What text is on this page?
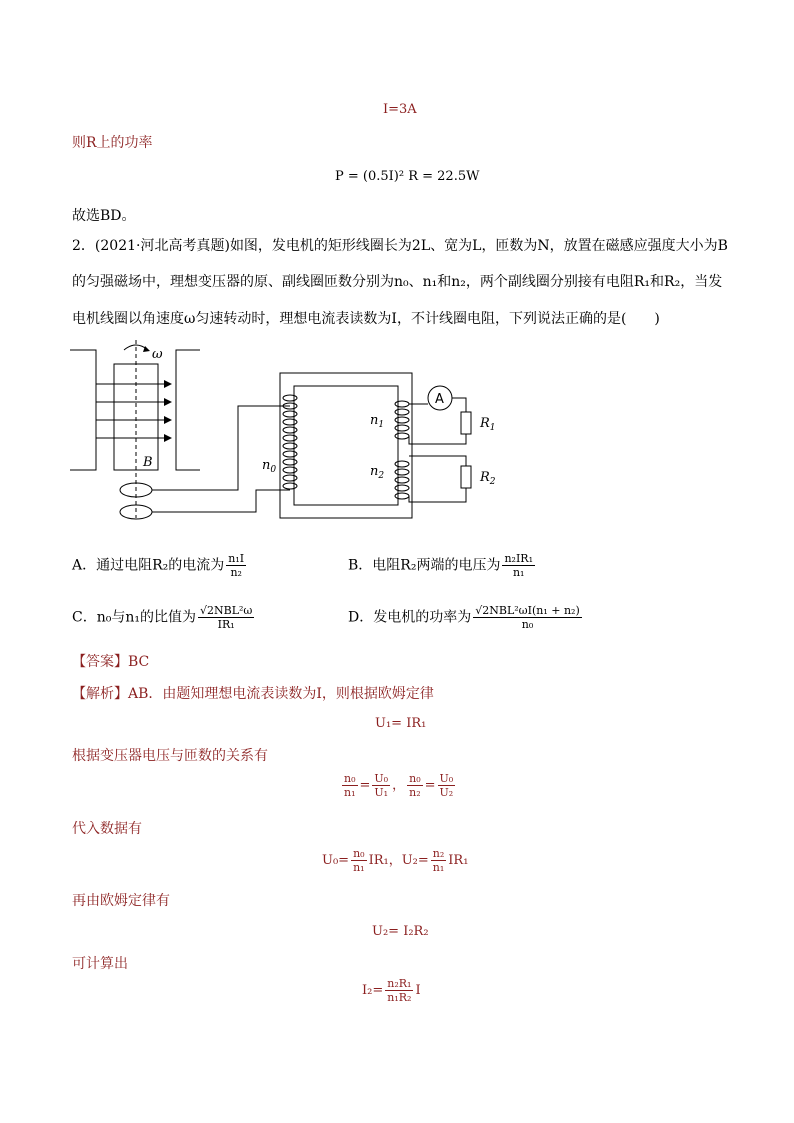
I=3A
则R上的功率
P = (0.5I)² R = 22.5W
故选BD。
2．(2021·河北高考真题)如图，发电机的矩形线圈长为2L、宽为L，匝数为N，放置在磁感应强度大小为B
的匀强磁场中，理想变压器的原、副线圈匝数分别为n₀、n₁和n₂，两个副线圈分别接有电阻R₁和R₂，当发
电机线圈以角速度ω匀速转动时，理想电流表读数为I，不计线圈电阻，下列说法正确的是(　　)
ω
B	$n_0$
$n_1$
$n_2$
$R_1$
$R_2$
A
A．通过电阻R₂的电流为 $\frac{\text{n₁I}}{\text{n₂}}$	B．电阻R₂两端的电压为 $\frac{\text{n₂IR₁}}{\text{n₁}}$
C．n₀与n₁的比值为 $\frac{\text{√2NBL²ω}}{\text{IR₁}}$	D．发电机的功率为 $\frac{\text{√2NBL²ωI(n₁ + n₂)}}{\text{n₀}}$
【答案】BC
【解析】AB．由题知理想电流表读数为I，则根据欧姆定律
U₁= IR₁
根据变压器电压与匝数的关系有
$\frac{\text{n₀}}{\text{n₁}} = \frac{\text{U₀}}{\text{U₁}}$ ， $\frac{\text{n₀}}{\text{n₂}} = \frac{\text{U₀}}{\text{U₂}}$
代入数据有
$U_0= \frac{\text{n₀}}{\text{n₁}} IR_1$，$U_2= \frac{\text{n₂}}{\text{n₁}} IR_1$
再由欧姆定律有
U₂= I₂R₂
可计算出
$I_2= \frac{\text{n₂R₁}}{\text{n₁R₂}}$ I
